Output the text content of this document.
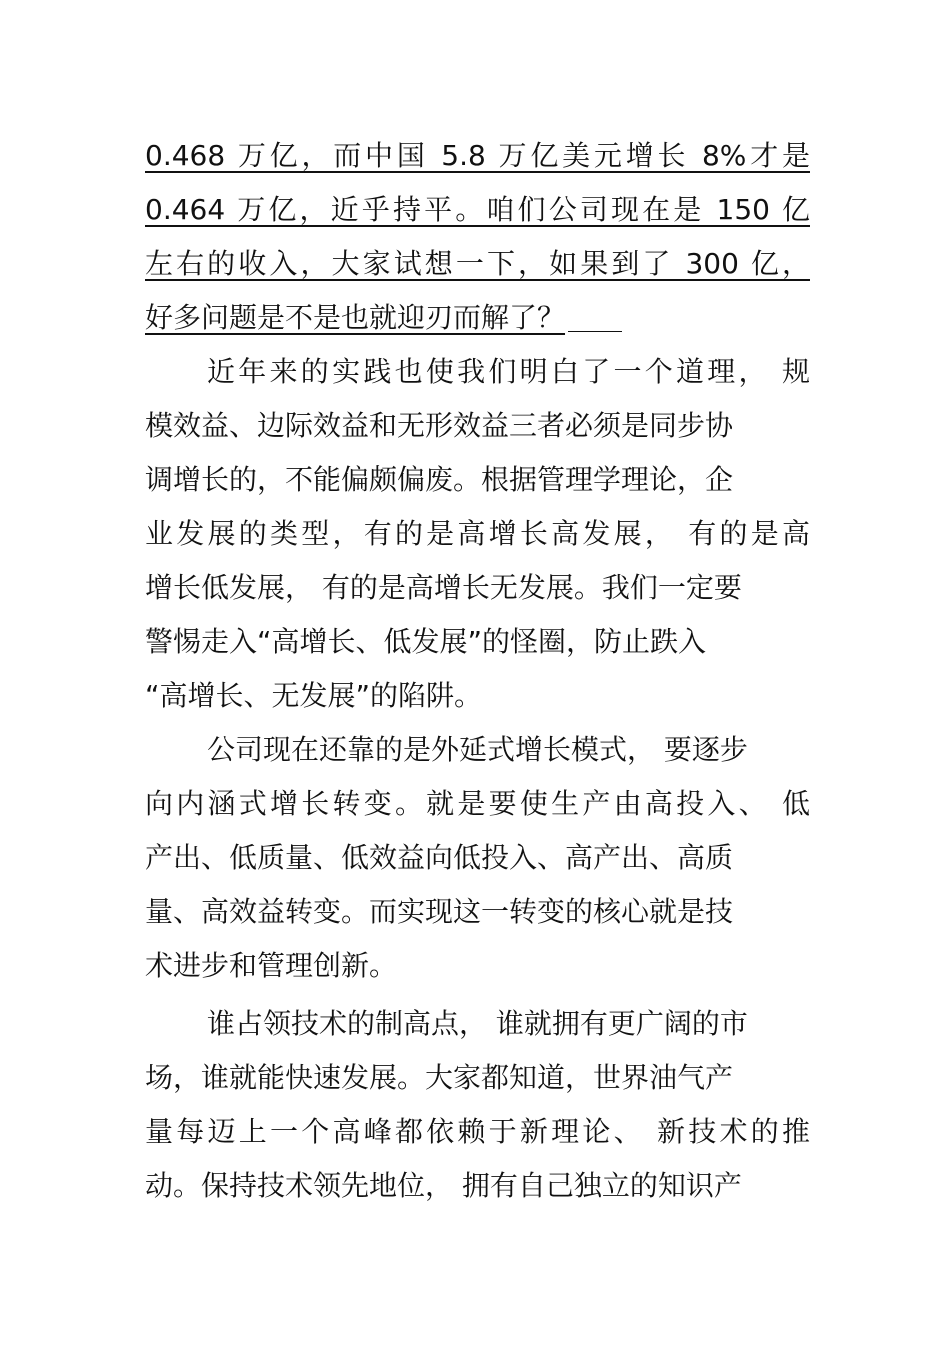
0.468 万亿，而中国 5.8 万亿美元增长 8%才是
0.464 万亿，近乎持平。咱们公司现在是 150 亿
左右的收入，大家试想一下，如果到了 300 亿，
好多问题是不是也就迎刃而解了？
近年来的实践也使我们明白了一个道理， 规
模效益、边际效益和无形效益三者必须是同步协
调增长的，不能偏颇偏废。根据管理学理论，企
业发展的类型，有的是高增长高发展， 有的是高
增长低发展， 有的是高增长无发展。我们一定要
警惕走入“高增长、低发展”的怪圈，防止跌入
“高增长、无发展”的陷阱。
公司现在还靠的是外延式增长模式， 要逐步
向内涵式增长转变。就是要使生产由高投入、 低
产出、低质量、低效益向低投入、高产出、高质
量、高效益转变。而实现这一转变的核心就是技
术进步和管理创新。
谁占领技术的制高点， 谁就拥有更广阔的市
场，谁就能快速发展。大家都知道，世界油气产
量每迈上一个高峰都依赖于新理论、 新技术的推
动。保持技术领先地位， 拥有自己独立的知识产
